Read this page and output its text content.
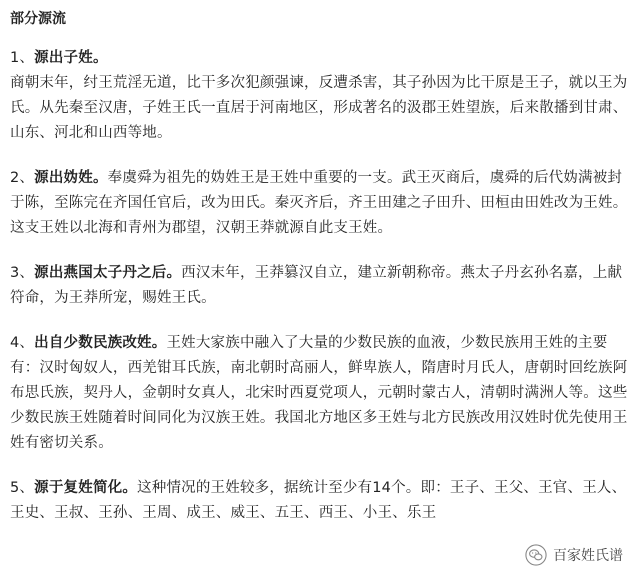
部分源流
1、源出子姓。
商朝末年，纣王荒淫无道，比干多次犯颜强谏，反遭杀害，其子孙因为比干原是王子，就以王为氏。从先秦至汉唐，子姓王氏一直居于河南地区，形成著名的汲郡王姓望族，后来散播到甘肃、山东、河北和山西等地。
2、源出妫姓。奉虞舜为祖先的妫姓王是王姓中重要的一支。武王灭商后，虞舜的后代妫满被封于陈，至陈完在齐国任官后，改为田氏。秦灭齐后，齐王田建之子田升、田桓由田姓改为王姓。这支王姓以北海和青州为郡望，汉朝王莽就源自此支王姓。
3、源出燕国太子丹之后。西汉末年，王莽篡汉自立，建立新朝称帝。燕太子丹玄孙名嘉，上献符命，为王莽所宠，赐姓王氏。
4、出自少数民族改姓。王姓大家族中融入了大量的少数民族的血液，少数民族用王姓的主要有：汉时匈奴人，西羌钳耳氏族，南北朝时高丽人，鲜卑族人，隋唐时月氏人，唐朝时回纥族阿布思氏族，契丹人，金朝时女真人，北宋时西夏党项人，元朝时蒙古人，清朝时满洲人等。这些少数民族王姓随着时间同化为汉族王姓。我国北方地区多王姓与北方民族改用汉姓时优先使用王姓有密切关系。
5、源于复姓简化。这种情况的王姓较多，据统计至少有14个。即：王子、王父、王官、王人、王史、王叔、王孙、王周、成王、威王、五王、西王、小王、乐王
百家姓氏谱
